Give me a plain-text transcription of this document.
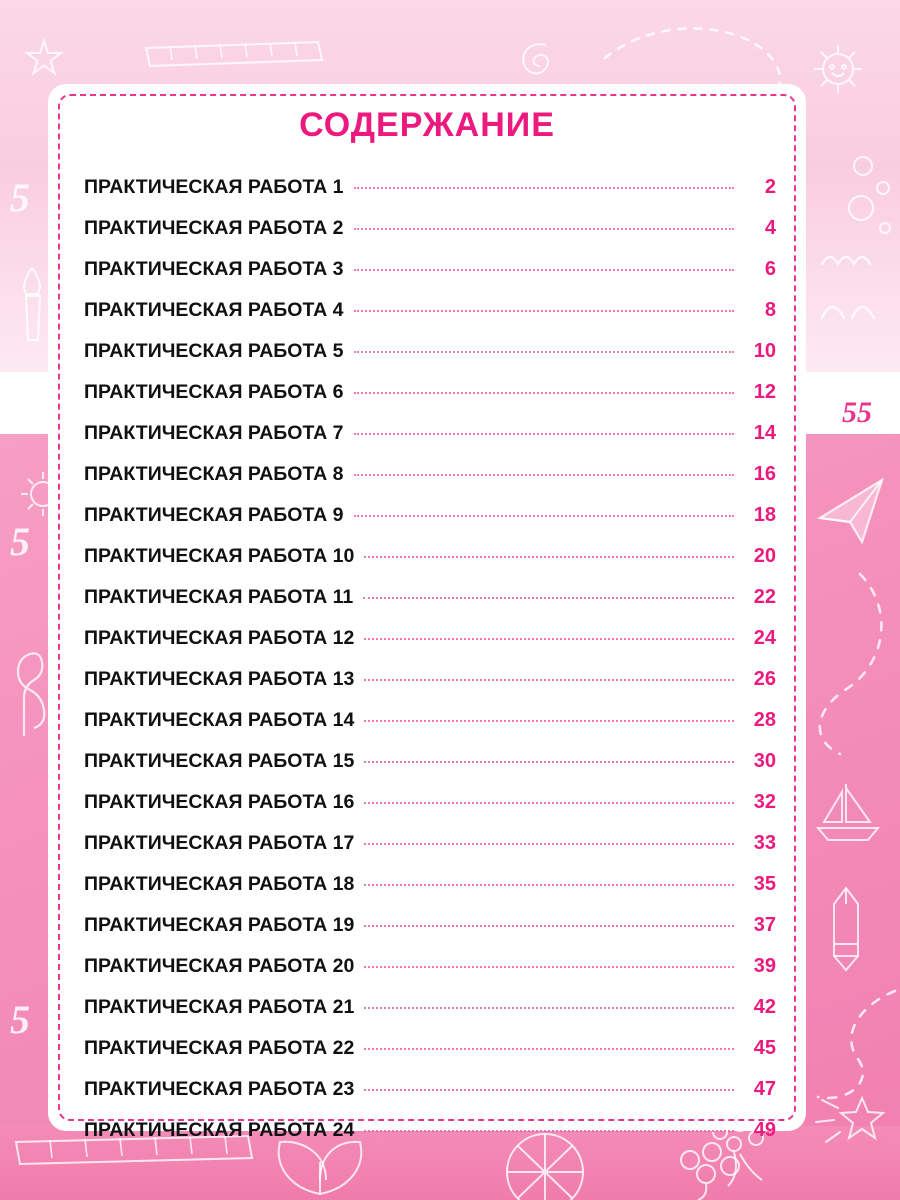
5
5
5
55
СОДЕРЖАНИЕ
ПРАКТИЧЕСКАЯ РАБОТА 1	2
ПРАКТИЧЕСКАЯ РАБОТА 2	4
ПРАКТИЧЕСКАЯ РАБОТА 3	6
ПРАКТИЧЕСКАЯ РАБОТА 4	8
ПРАКТИЧЕСКАЯ РАБОТА 5	10
ПРАКТИЧЕСКАЯ РАБОТА 6	12
ПРАКТИЧЕСКАЯ РАБОТА 7	14
ПРАКТИЧЕСКАЯ РАБОТА 8	16
ПРАКТИЧЕСКАЯ РАБОТА 9	18
ПРАКТИЧЕСКАЯ РАБОТА 10	20
ПРАКТИЧЕСКАЯ РАБОТА 11	22
ПРАКТИЧЕСКАЯ РАБОТА 12	24
ПРАКТИЧЕСКАЯ РАБОТА 13	26
ПРАКТИЧЕСКАЯ РАБОТА 14	28
ПРАКТИЧЕСКАЯ РАБОТА 15	30
ПРАКТИЧЕСКАЯ РАБОТА 16	32
ПРАКТИЧЕСКАЯ РАБОТА 17	33
ПРАКТИЧЕСКАЯ РАБОТА 18	35
ПРАКТИЧЕСКАЯ РАБОТА 19	37
ПРАКТИЧЕСКАЯ РАБОТА 20	39
ПРАКТИЧЕСКАЯ РАБОТА 21	42
ПРАКТИЧЕСКАЯ РАБОТА 22	45
ПРАКТИЧЕСКАЯ РАБОТА 23	47
ПРАКТИЧЕСКАЯ РАБОТА 24	49
